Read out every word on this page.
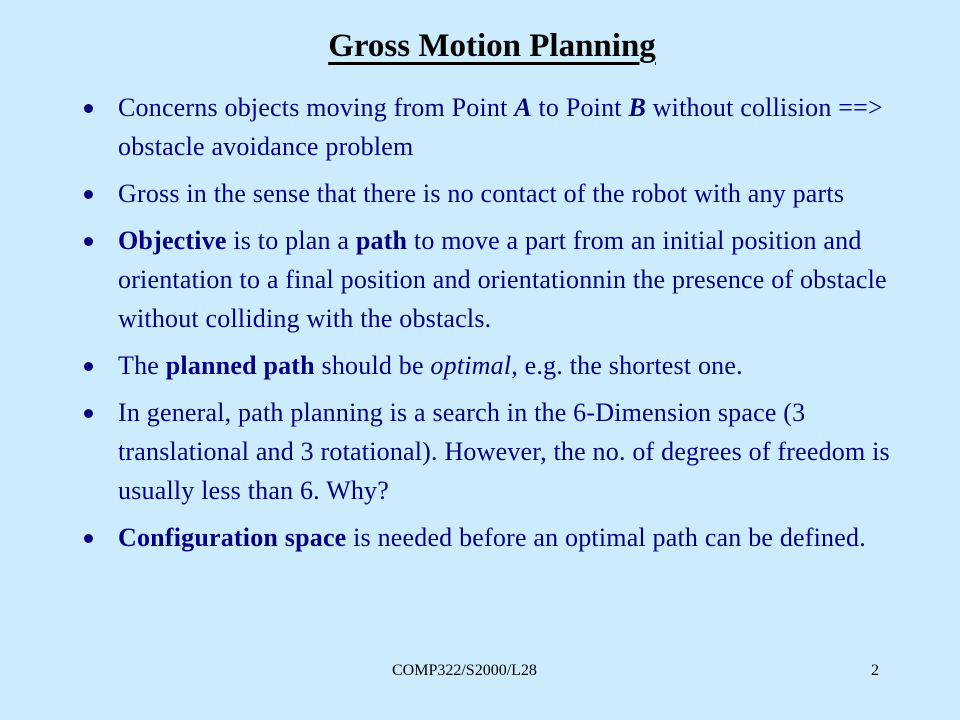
Gross Motion Planning
Concerns objects moving from Point A to Point B without collision ==> obstacle avoidance problem
Gross in the sense that there is no contact of the robot with any parts
Objective is to plan a path to move a part from an initial position and orientation to a final position and orientationnin the presence of obstacle without colliding with the obstacls.
The planned path should be optimal, e.g. the shortest one.
In general, path planning is a search in the 6-Dimension space (3 translational and 3 rotational). However, the no. of degrees of freedom is usually less than 6. Why?
Configuration space is needed before an optimal path can be defined.
COMP322/S2000/L28	2
